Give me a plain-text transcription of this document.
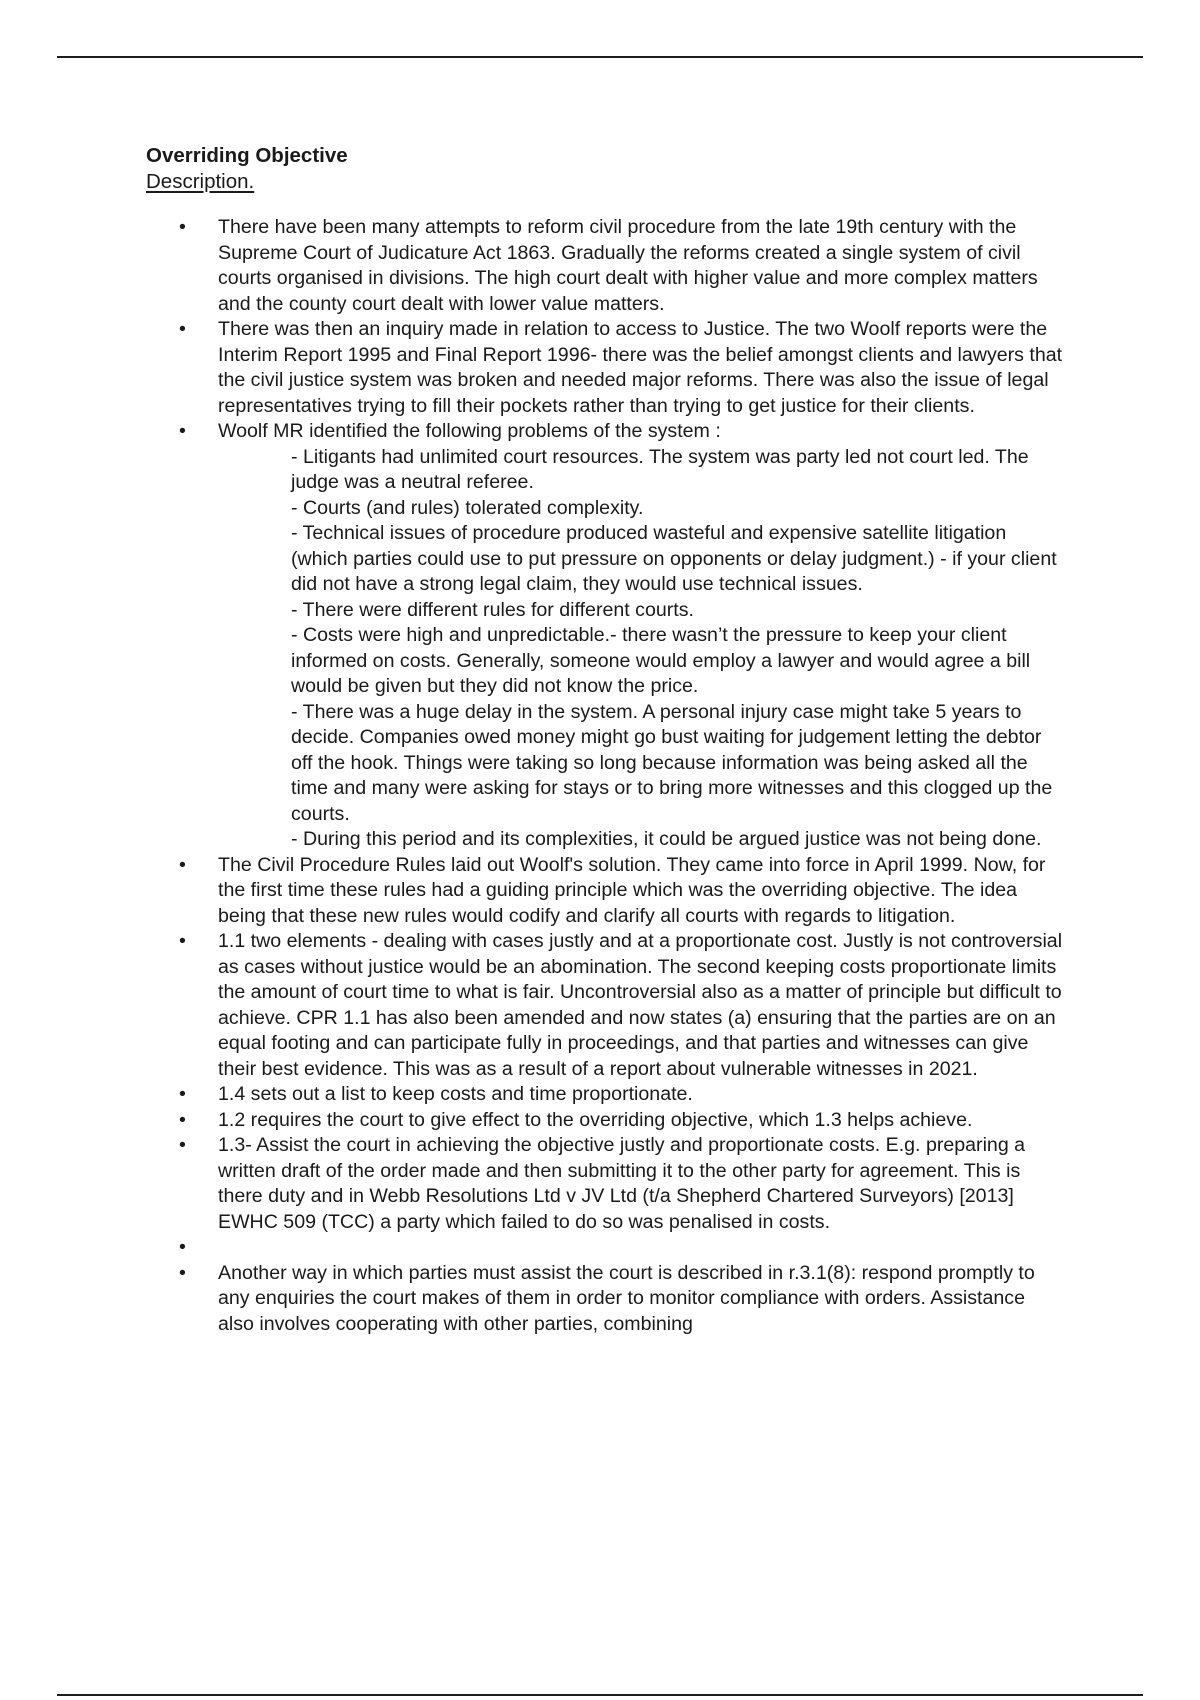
Overriding Objective
Description.
• There have been many attempts to reform civil procedure from the late 19th century with the Supreme Court of Judicature Act 1863. Gradually the reforms created a single system of civil courts organised in divisions. The high court dealt with higher value and more complex matters and the county court dealt with lower value matters.
• There was then an inquiry made in relation to access to Justice. The two Woolf reports were the Interim Report 1995 and Final Report 1996- there was the belief amongst clients and lawyers that the civil justice system was broken and needed major reforms. There was also the issue of legal representatives trying to fill their pockets rather than trying to get justice for their clients.
• Woolf MR identified the following problems of the system :
- Litigants had unlimited court resources. The system was party led not court led. The judge was a neutral referee.
- Courts (and rules) tolerated complexity.
- Technical issues of procedure produced wasteful and expensive satellite litigation (which parties could use to put pressure on opponents or delay judgment.) - if your client did not have a strong legal claim, they would use technical issues.
- There were different rules for different courts.
- Costs were high and unpredictable.- there wasn’t the pressure to keep your client informed on costs. Generally, someone would employ a lawyer and would agree a bill would be given but they did not know the price.
- There was a huge delay in the system. A personal injury case might take 5 years to decide. Companies owed money might go bust waiting for judgement letting the debtor off the hook. Things were taking so long because information was being asked all the time and many were asking for stays or to bring more witnesses and this clogged up the courts.
- During this period and its complexities, it could be argued justice was not being done.
• The Civil Procedure Rules laid out Woolf's solution. They came into force in April 1999. Now, for the first time these rules had a guiding principle which was the overriding objective. The idea being that these new rules would codify and clarify all courts with regards to litigation.
• 1.1 two elements - dealing with cases justly and at a proportionate cost. Justly is not controversial as cases without justice would be an abomination. The second keeping costs proportionate limits the amount of court time to what is fair. Uncontroversial also as a matter of principle but difficult to achieve. CPR 1.1 has also been amended and now states (a) ensuring that the parties are on an equal footing and can participate fully in proceedings, and that parties and witnesses can give their best evidence. This was as a result of a report about vulnerable witnesses in 2021.
• 1.4 sets out a list to keep costs and time proportionate.
• 1.2 requires the court to give effect to the overriding objective, which 1.3 helps achieve.
• 1.3- Assist the court in achieving the objective justly and proportionate costs. E.g. preparing a written draft of the order made and then submitting it to the other party for agreement. This is there duty and in Webb Resolutions Ltd v JV Ltd (t/a Shepherd Chartered Surveyors) [2013] EWHC 509 (TCC) a party which failed to do so was penalised in costs.
•
• Another way in which parties must assist the court is described in r.3.1(8): respond promptly to any enquiries the court makes of them in order to monitor compliance with orders. Assistance also involves cooperating with other parties, combining
